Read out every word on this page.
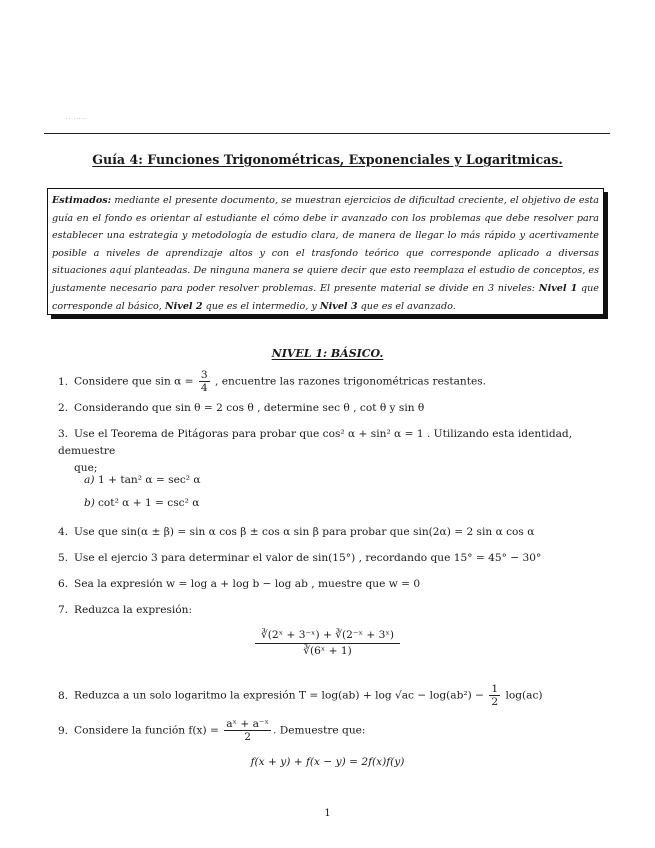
·· ·····
Guía 4: Funciones Trigonométricas, Exponenciales y Logaritmicas.
Estimados: mediante el presente documento, se muestran ejercicios de dificultad creciente, el objetivo de esta guía en el fondo es orientar al estudiante el cómo debe ir avanzado con los problemas que debe resolver para establecer una estrategia y metodología de estudio clara, de manera de llegar lo más rápido y acertivamente posible a niveles de aprendizaje altos y con el trasfondo teórico que corresponde aplicado a diversas situaciones aquí planteadas. De ninguna manera se quiere decir que esto reemplaza el estudio de conceptos, es justamente necesario para poder resolver problemas. El presente material se divide en 3 niveles: Nivel 1 que corresponde al básico, Nivel 2 que es el intermedio, y Nivel 3 que es el avanzado.
NIVEL 1: BÁSICO.
1. Considere que $\sin \alpha = \frac{3}{4}$ , encuentre las razones trigonométricas restantes.
2. Considerando que sin θ = 2 cos θ , determine sec θ , cot θ y sin θ
3. Use el Teorema de Pitágoras para probar que cos² α + sin² α = 1 . Utilizando esta identidad, demuestre
que;
a) 1 + tan² α = sec² α
b) cot² α + 1 = csc² α
4. Use que sin(α ± β) = sin α cos β ± cos α sin β para probar que sin(2α) = 2 sin α cos α
5. Use el ejercio 3 para determinar el valor de sin(15°) , recordando que 15° = 45° − 30°
6. Sea la expresión w = log a + log b − log ab , muestre que w = 0
7. Reduzca la expresión:
$\frac{\text{∛(2ˣ + 3⁻ˣ) + ∛(2⁻ˣ + 3ˣ)}}{\text{∛(6ˣ + 1)}}$
8. Reduzca a un solo logaritmo la expresión $T = \log(ab) + \log √ac - \log(ab^2) - \frac{1}{2} \log(ac)$
9. Considere la función $f(x) = \frac{\text{aˣ + a⁻ˣ}}{2}$ . Demuestre que:
f(x + y) + f(x − y) = 2f(x)f(y)
1
